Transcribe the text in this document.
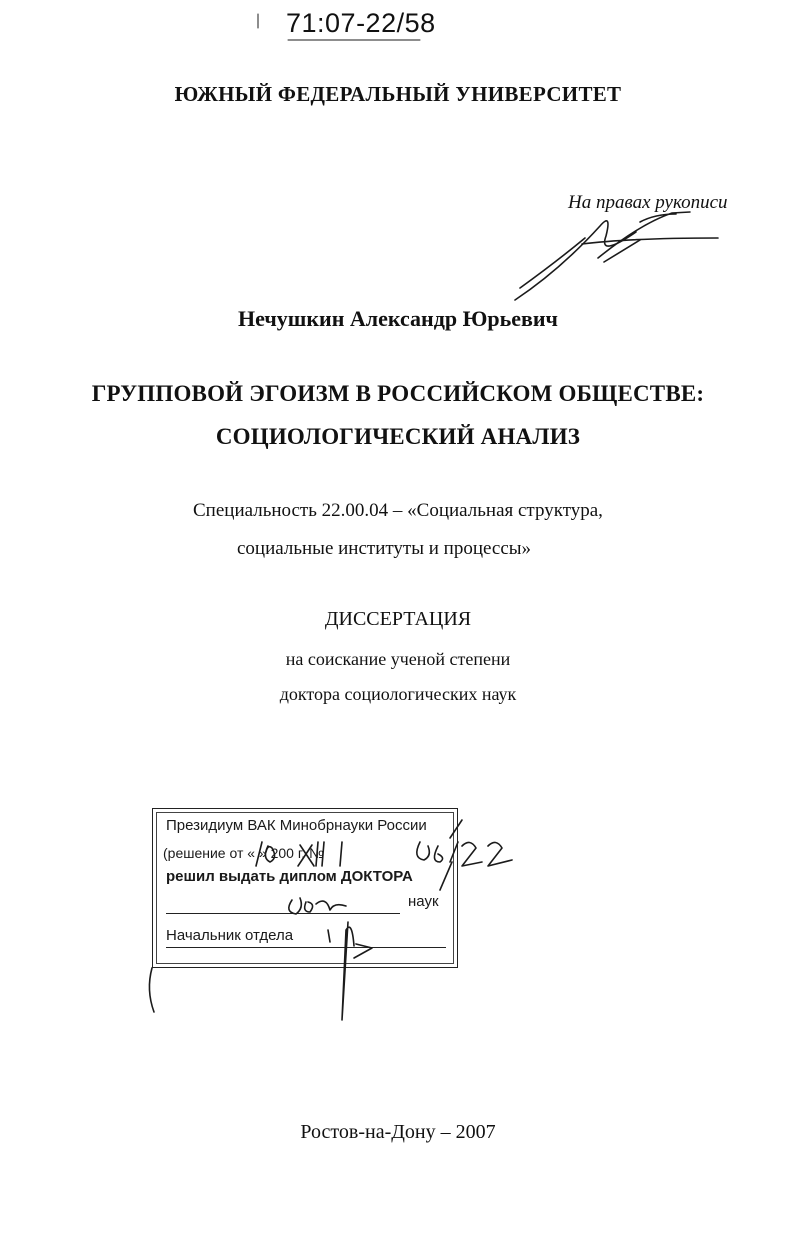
71:07-22/58
ЮЖНЫЙ ФЕДЕРАЛЬНЫЙ УНИВЕРСИТЕТ
На правах рукописи
Нечушкин Александр Юрьевич
ГРУППОВОЙ ЭГОИЗМ В РОССИЙСКОМ ОБЩЕСТВЕ:
СОЦИОЛОГИЧЕСКИЙ АНАЛИЗ
Специальность 22.00.04 – «Социальная структура,
социальные институты и процессы»
ДИССЕРТАЦИЯ
на соискание ученой степени
доктора социологических наук
Президиум ВАК Минобрнауки России
(решение от « » 200 г. №
решил выдать диплом ДОКТОРА
наук
Начальник отдела
Ростов-на-Дону – 2007
